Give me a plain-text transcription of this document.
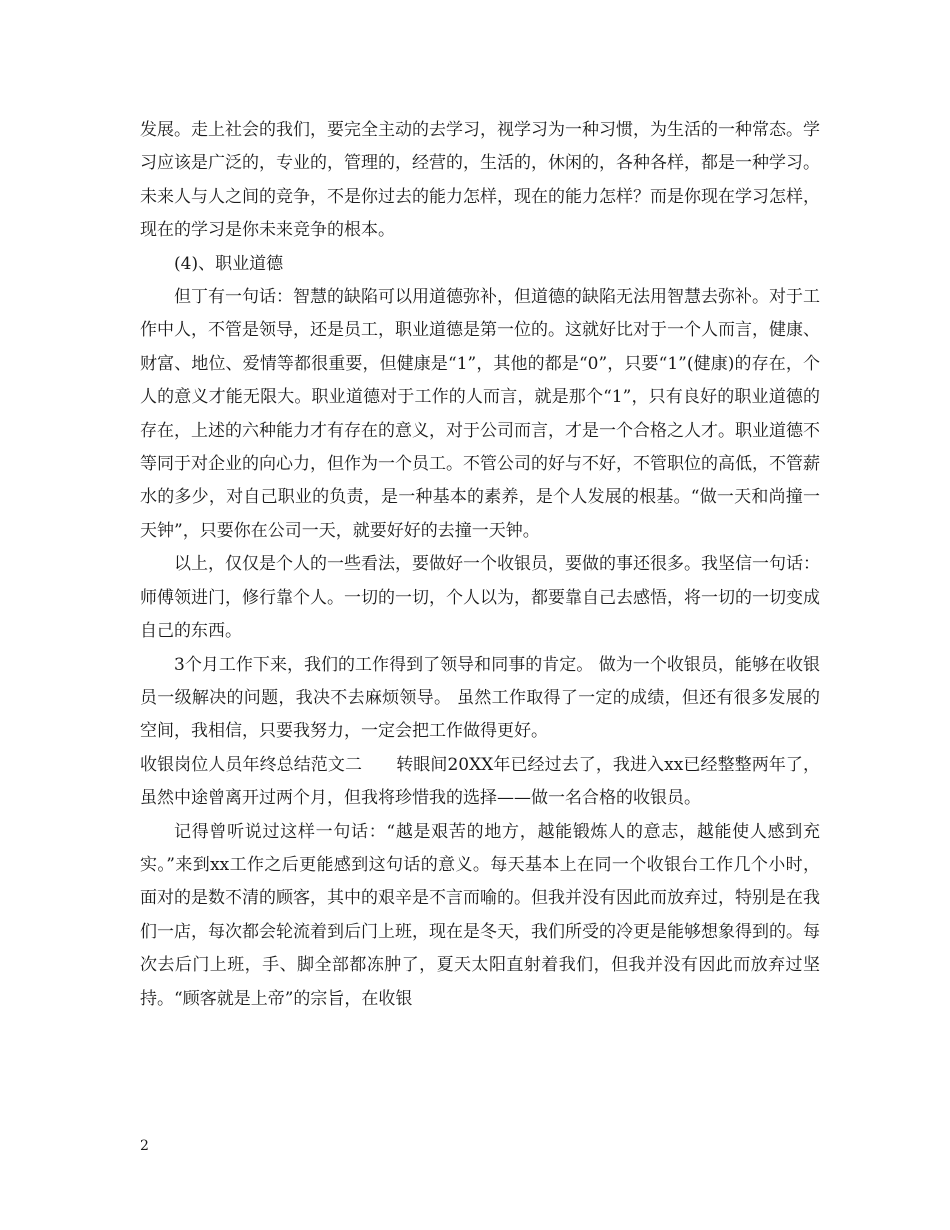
发展。走上社会的我们，要完全主动的去学习，视学习为一种习惯，为生活的一种常态。学习应该是广泛的，专业的，管理的，经营的，生活的，休闲的，各种各样，都是一种学习。未来人与人之间的竞争，不是你过去的能力怎样，现在的能力怎样？而是你现在学习怎样，现在的学习是你未来竞争的根本。

(4)、职业道德

但丁有一句话：智慧的缺陷可以用道德弥补，但道德的缺陷无法用智慧去弥补。对于工作中人，不管是领导，还是员工，职业道德是第一位的。这就好比对于一个人而言，健康、财富、地位、爱情等都很重要，但健康是“1”，其他的都是“0”，只要“1”(健康)的存在，个人的意义才能无限大。职业道德对于工作的人而言，就是那个“1”，只有良好的职业道德的存在，上述的六种能力才有存在的意义，对于公司而言，才是一个合格之人才。职业道德不等同于对企业的向心力，但作为一个员工。不管公司的好与不好，不管职位的高低，不管薪水的多少，对自己职业的负责，是一种基本的素养，是个人发展的根基。“做一天和尚撞一天钟”，只要你在公司一天，就要好好的去撞一天钟。

以上，仅仅是个人的一些看法，要做好一个收银员，要做的事还很多。我坚信一句话：师傅领进门，修行靠个人。一切的一切，个人以为，都要靠自己去感悟，将一切的一切变成自己的东西。

3个月工作下来，我们的工作得到了领导和同事的肯定。 做为一个收银员，能够在收银员一级解决的问题，我决不去麻烦领导。 虽然工作取得了一定的成绩，但还有很多发展的空间，我相信，只要我努力，一定会把工作做得更好。

收银岗位人员年终总结范文二　　转眼间20XX年已经过去了，我进入xx已经整整两年了，虽然中途曾离开过两个月，但我将珍惜我的选择——做一名合格的收银员。

记得曾听说过这样一句话：“越是艰苦的地方，越能锻炼人的意志，越能使人感到充实。”来到xx工作之后更能感到这句话的意义。每天基本上在同一个收银台工作几个小时，面对的是数不清的顾客，其中的艰辛是不言而喻的。但我并没有因此而放弃过，特别是在我们一店，每次都会轮流着到后门上班，现在是冬天，我们所受的冷更是能够想象得到的。每次去后门上班，手、脚全部都冻肿了，夏天太阳直射着我们，但我并没有因此而放弃过坚持。“顾客就是上帝”的宗旨，在收银

2
